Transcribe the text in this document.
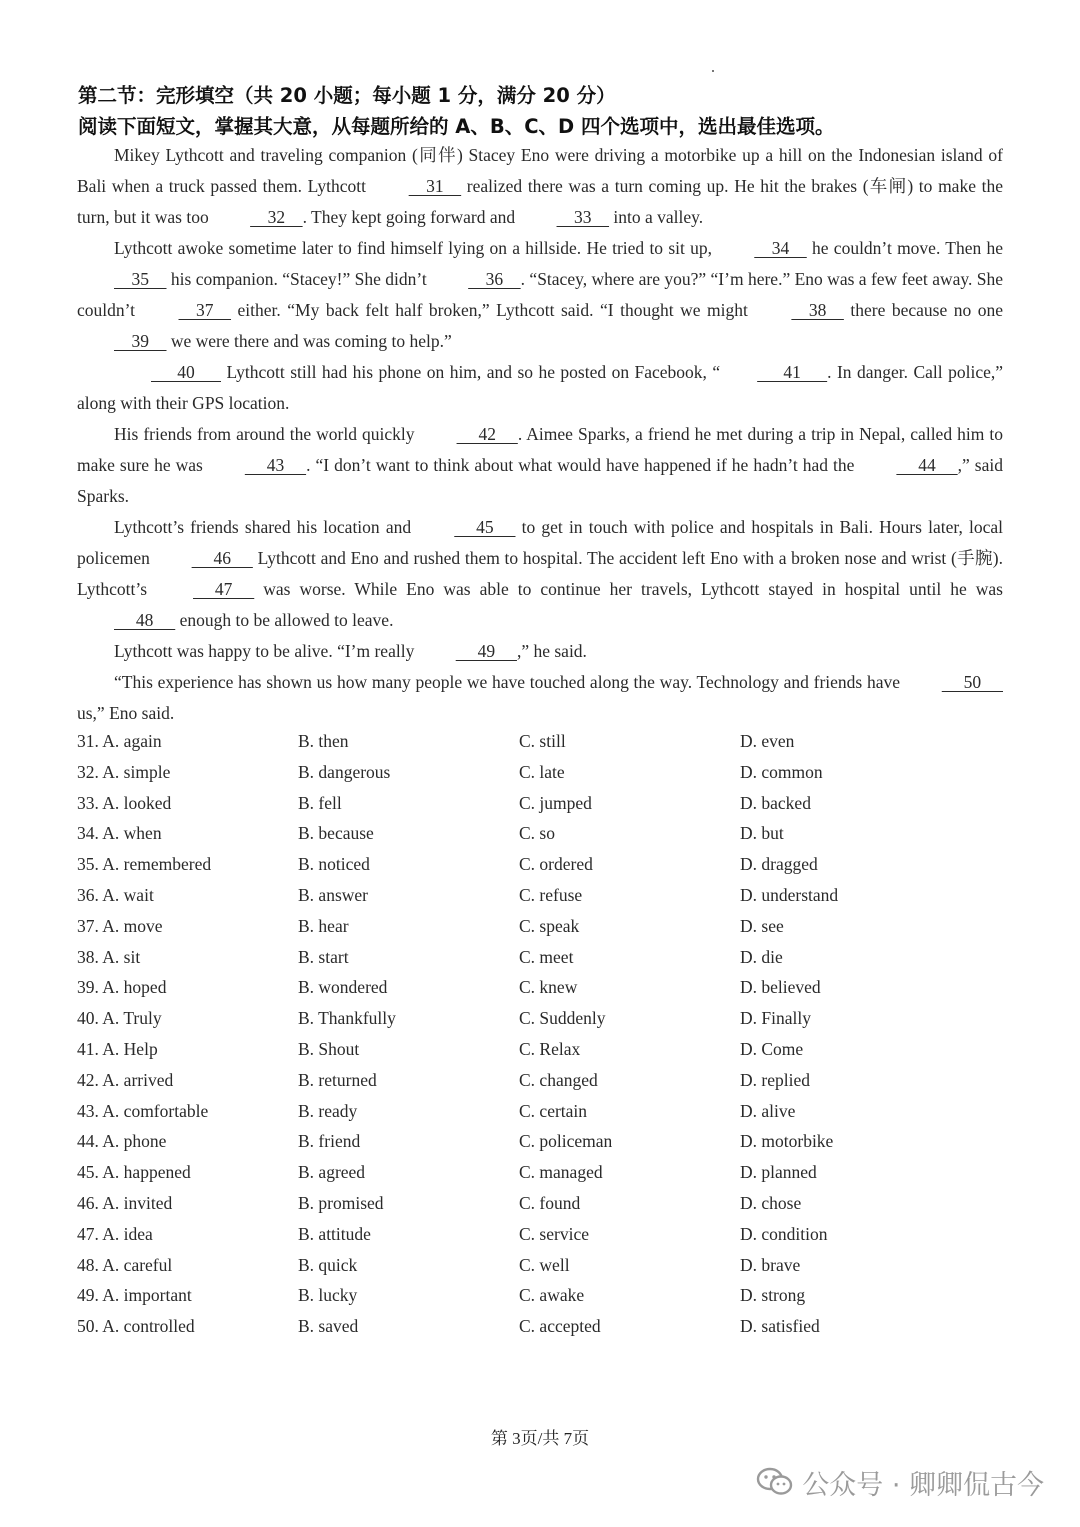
第二节：完形填空（共 20 小题；每小题 1 分，满分 20 分）
阅读下面短文，掌握其大意，从每题所给的 A、B、C、D 四个选项中，选出最佳选项。

Mikey Lythcott and traveling companion (同伴) Stacey Eno were driving a motorbike up a hill on the Indonesian island of Bali when a truck passed them. Lythcott     31     realized there was a turn coming up. He hit the brakes (车闸) to make the turn, but it was too     32    . They kept going forward and     33     into a valley.

Lythcott awoke sometime later to find himself lying on a hillside. He tried to sit up,     34     he couldn’t move. Then he     35     his companion. “Stacey!” She didn’t     36    . “Stacey, where are you?” “I’m here.” Eno was a few feet away. She couldn’t     37     either. “My back felt half broken,” Lythcott said. “I thought we might     38     there because no one     39     we were there and was coming to help.”

40       Lythcott still had his phone on him, and so he posted on Facebook, “      41      . In danger. Call police,” along with their GPS location.

His friends from around the world quickly      42     . Aimee Sparks, a friend he met during a trip in Nepal, called him to make sure he was      43     . “I don’t want to think about what would have happened if he hadn’t had the      44     ,” said Sparks.

Lythcott’s friends shared his location and      45      to get in touch with police and hospitals in Bali. Hours later, local policemen      46      Lythcott and Eno and rushed them to hospital. The accident left Eno with a broken nose and wrist (手腕). Lythcott’s      47      was worse. While Eno was able to continue her travels, Lythcott stayed in hospital until he was      48      enough to be allowed to leave.

Lythcott was happy to be alive. “I’m really      49     ,” he said.

“This experience has shown us how many people we have touched along the way. Technology and friends have      50      us,” Eno said.

31. A. again	B. then	C. still	D. even
32. A. simple	B. dangerous	C. late	D. common
33. A. looked	B. fell	C. jumped	D. backed
34. A. when	B. because	C. so	D. but
35. A. remembered	B. noticed	C. ordered	D. dragged
36. A. wait	B. answer	C. refuse	D. understand
37. A. move	B. hear	C. speak	D. see
38. A. sit	B. start	C. meet	D. die
39. A. hoped	B. wondered	C. knew	D. believed
40. A. Truly	B. Thankfully	C. Suddenly	D. Finally
41. A. Help	B. Shout	C. Relax	D. Come
42. A. arrived	B. returned	C. changed	D. replied
43. A. comfortable	B. ready	C. certain	D. alive
44. A. phone	B. friend	C. policeman	D. motorbike
45. A. happened	B. agreed	C. managed	D. planned
46. A. invited	B. promised	C. found	D. chose
47. A. idea	B. attitude	C. service	D. condition
48. A. careful	B. quick	C. well	D. brave
49. A. important	B. lucky	C. awake	D. strong
50. A. controlled	B. saved	C. accepted	D. satisfied
第 3页/共 7页
公众号 · 卿卿侃古今
